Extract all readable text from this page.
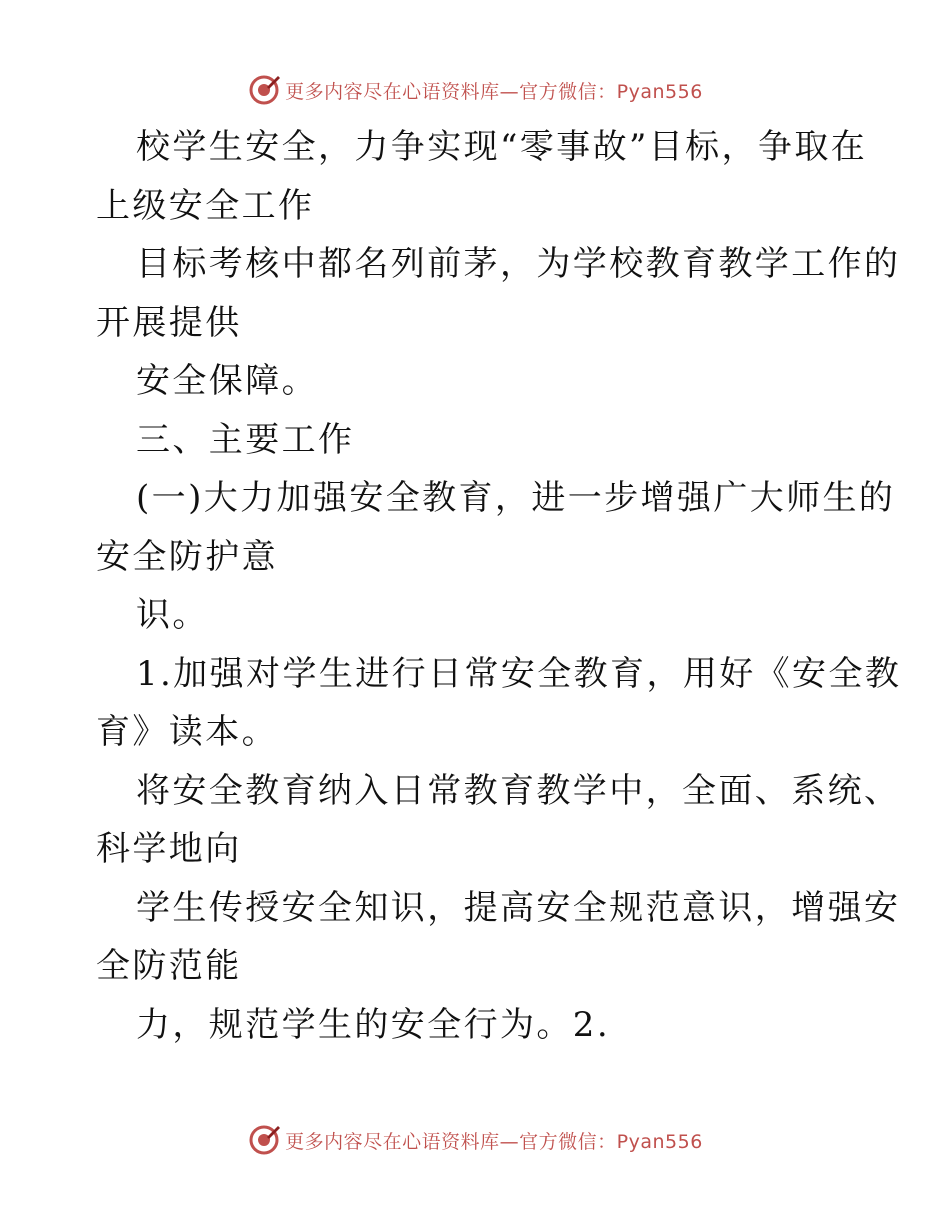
更多内容尽在心语资料库—官方微信：Pyan556
校学生安全，力争实现“零事故”目标，争取在
上级安全工作
目标考核中都名列前茅，为学校教育教学工作的
开展提供
安全保障。
三、主要工作
(一)大力加强安全教育，进一步增强广大师生的
安全防护意
识。
1.加强对学生进行日常安全教育，用好《安全教
育》读本。
将安全教育纳入日常教育教学中，全面、系统、
科学地向
学生传授安全知识，提高安全规范意识，增强安
全防范能
力，规范学生的安全行为。2.
更多内容尽在心语资料库—官方微信：Pyan556
